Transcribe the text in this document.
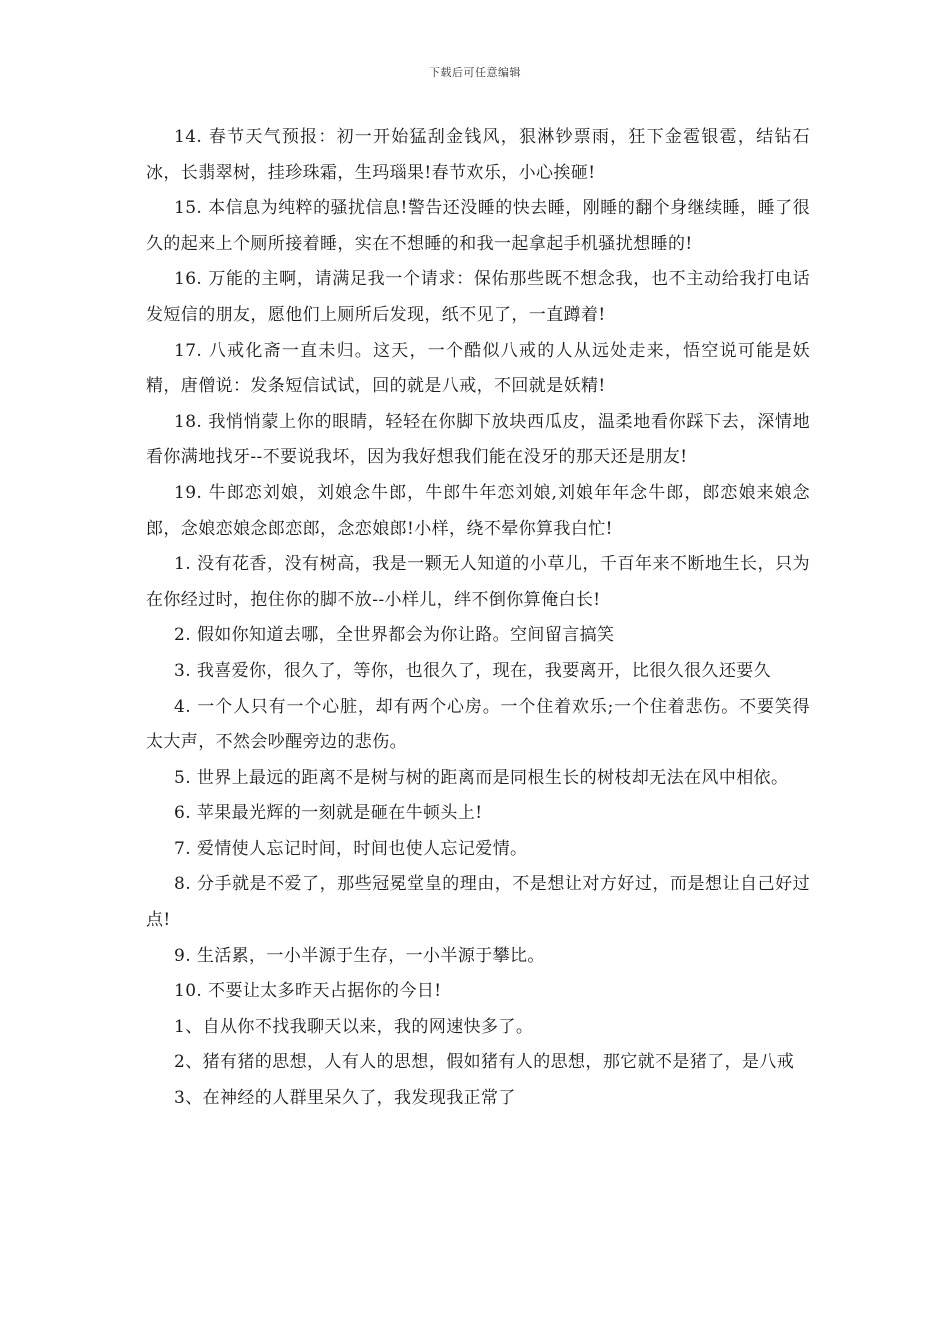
下载后可任意编辑

14. 春节天气预报：初一开始猛刮金钱风，狠淋钞票雨，狂下金雹银雹，结钻石冰，长翡翠树，挂珍珠霜，生玛瑙果!春节欢乐，小心挨砸!

15. 本信息为纯粹的骚扰信息!警告还没睡的快去睡，刚睡的翻个身继续睡，睡了很久的起来上个厕所接着睡，实在不想睡的和我一起拿起手机骚扰想睡的!

16. 万能的主啊，请满足我一个请求：保佑那些既不想念我，也不主动给我打电话发短信的朋友，愿他们上厕所后发现，纸不见了，一直蹲着!

17. 八戒化斋一直未归。这天，一个酷似八戒的人从远处走来，悟空说可能是妖精，唐僧说：发条短信试试，回的就是八戒，不回就是妖精!

18. 我悄悄蒙上你的眼睛，轻轻在你脚下放块西瓜皮，温柔地看你踩下去，深情地看你满地找牙--不要说我坏，因为我好想我们能在没牙的那天还是朋友!

19. 牛郎恋刘娘，刘娘念牛郎，牛郎牛年恋刘娘,刘娘年年念牛郎，郎恋娘来娘念郎，念娘恋娘念郎恋郎，念恋娘郎!小样，绕不晕你算我白忙!

1. 没有花香，没有树高，我是一颗无人知道的小草儿，千百年来不断地生长，只为在你经过时，抱住你的脚不放--小样儿，绊不倒你算俺白长!

2. 假如你知道去哪，全世界都会为你让路。空间留言搞笑

3. 我喜爱你，很久了，等你，也很久了，现在，我要离开，比很久很久还要久

4. 一个人只有一个心脏，却有两个心房。一个住着欢乐;一个住着悲伤。不要笑得太大声，不然会吵醒旁边的悲伤。

5. 世界上最远的距离不是树与树的距离而是同根生长的树枝却无法在风中相依。

6. 苹果最光辉的一刻就是砸在牛顿头上!

7. 爱情使人忘记时间，时间也使人忘记爱情。

8. 分手就是不爱了，那些冠冕堂皇的理由，不是想让对方好过，而是想让自己好过点!

9. 生活累，一小半源于生存，一小半源于攀比。

10. 不要让太多昨天占据你的今日!

1、自从你不找我聊天以来，我的网速快多了。

2、猪有猪的思想，人有人的思想，假如猪有人的思想，那它就不是猪了，是八戒

3、在神经的人群里呆久了，我发现我正常了
